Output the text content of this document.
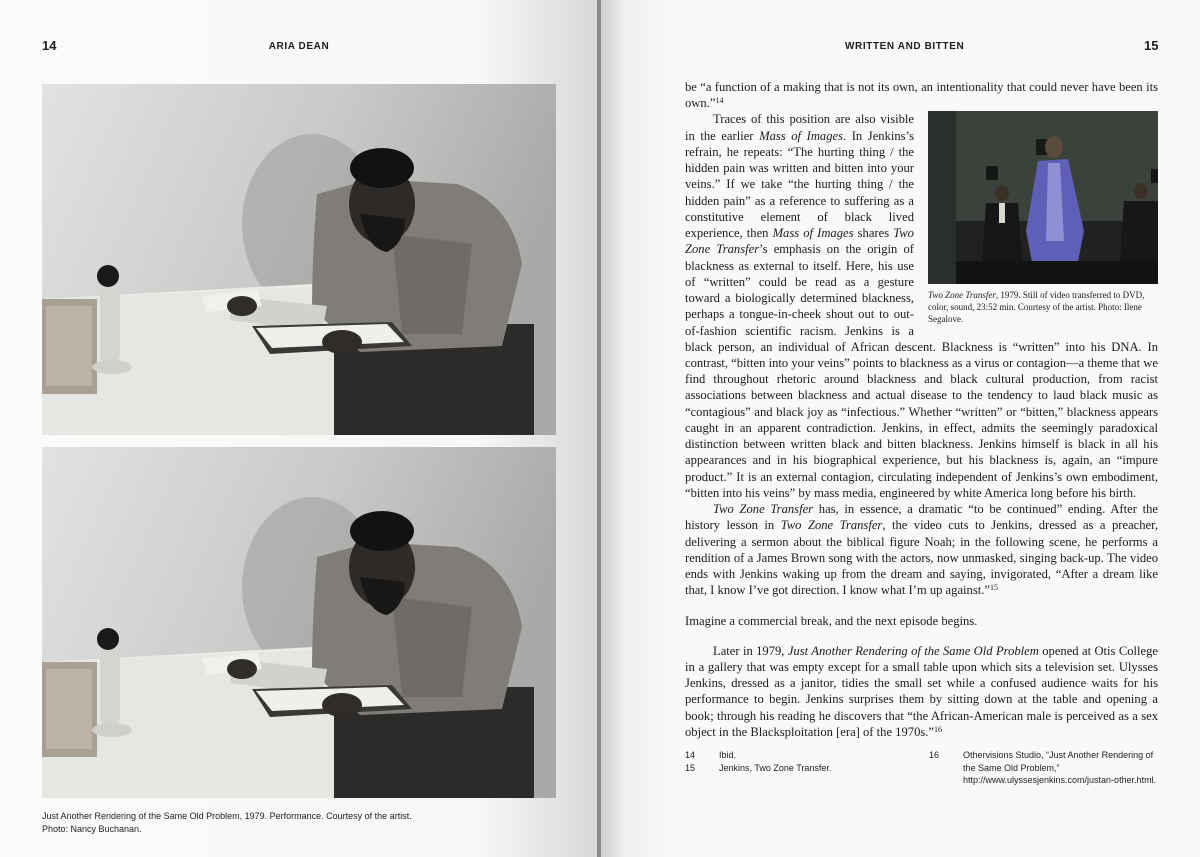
14	ARIA DEAN
Just Another Rendering of the Same Old Problem, 1979. Performance. Courtesy of the artist.
Photo: Nancy Buchanan.
WRITTEN AND BITTEN	15

be “a function of a making that is not its own, an intentionality that could never have been its own.”$^{14}$

Two Zone Transfer, 1979. Still of video transferred to DVD, color, sound, 23:52 min. Courtesy of the artist. Photo: Ilene Segalove.
Traces of this position are also visible in the earlier Mass of Images. In Jenkins’s refrain, he repeats: “The hurting thing / the hidden pain was written and bitten into your veins.” If we take “the hurting thing / the hidden pain” as a reference to suffering as a constitutive element of black lived experience, then Mass of Images shares Two Zone Transfer’s emphasis on the origin of blackness as external to itself. Here, his use of “written” could be read as a gesture toward a biologically determined blackness, perhaps a tongue-in-cheek shout out to out-of-fashion scientific racism. Jenkins is a black person, an individual of African descent. Blackness is “written” into his DNA. In contrast, “bitten into your veins” points to blackness as a virus or contagion—a theme that we find throughout rhetoric around blackness and black cultural production, from racist associations between blackness and actual disease to the tendency to laud black music as “contagious” and black joy as “infectious.” Whether “written” or “bitten,” blackness appears caught in an apparent contradiction. Jenkins, in effect, admits the seemingly paradoxical distinction between written black and bitten blackness. Jenkins himself is black in all his appearances and in his biographical experience, but his blackness is, again, an “impure product.” It is an external contagion, circulating independent of Jenkins’s own embodiment, “bitten into his veins” by mass media, engineered by white America long before his birth.

Two Zone Transfer has, in essence, a dramatic “to be continued” ending. After the history lesson in Two Zone Transfer, the video cuts to Jenkins, dressed as a preacher, delivering a sermon about the biblical figure Noah; in the following scene, he performs a rendition of a James Brown song with the actors, now unmasked, singing back-up. The video ends with Jenkins waking up from the dream and saying, invigorated, “After a dream like that, I know I’ve got direction. I know what I’m up against.”$^{15}$

Imagine a commercial break, and the next episode begins.

Later in 1979, Just Another Rendering of the Same Old Problem opened at Otis College in a gallery that was empty except for a small table upon which sits a television set. Ulysses Jenkins, dressed as a janitor, tidies the small set while a confused audience waits for his performance to begin. Jenkins surprises them by sitting down at the table and opening a book; through his reading he discovers that “the African-American male is perceived as a sex object in the Blacksploitation [era] of the 1970s.”$^{16}$

14	Ibid.
15	Jenkins, Two Zone Transfer.
16	Othervisions Studio, “Just Another Rendering of the Same Old Problem,” http://www.ulyssesjenkins.com/justan-other.html.
